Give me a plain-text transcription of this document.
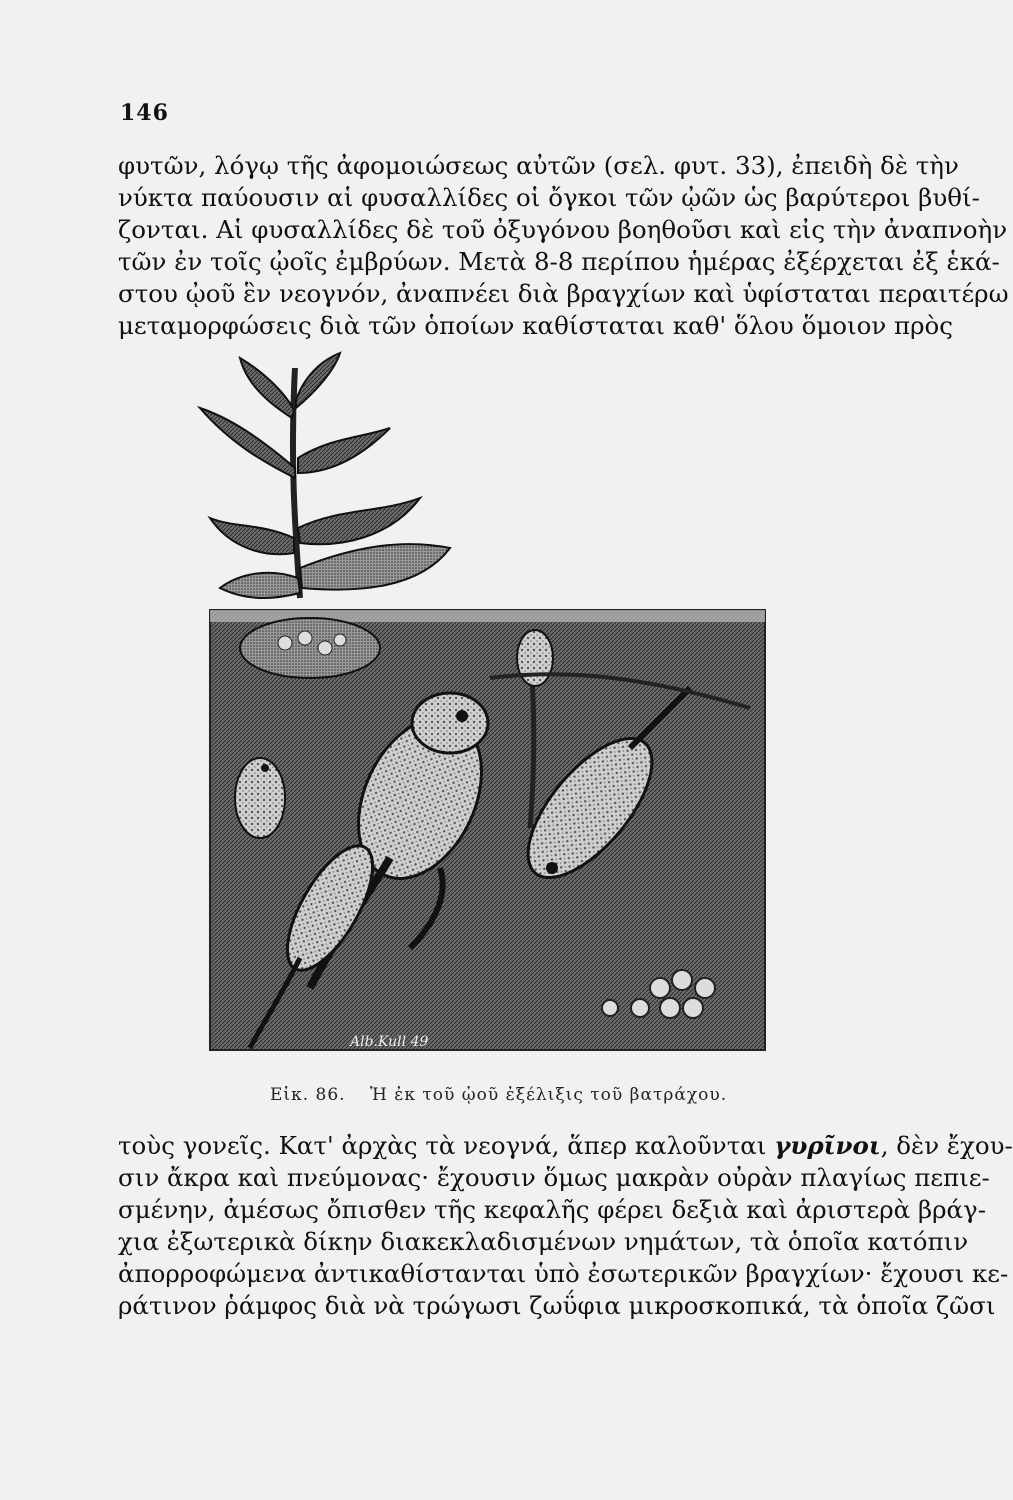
146
φυτῶν, λόγῳ τῆς ἀφομοιώσεως αὐτῶν (σελ. φυτ. 33), ἐπειδὴ δὲ τὴν
νύκτα παύουσιν αἱ φυσαλλίδες οἱ ὄγκοι τῶν ᾠῶν ὡς βαρύτεροι βυθί-
ζονται. Αἱ φυσαλλίδες δὲ τοῦ ὀξυγόνου βοηθοῦσι καὶ εἰς τὴν ἀναπνοὴν
τῶν ἐν τοῖς ᾠοῖς ἐμβρύων. Μετὰ 8-8 περίπου ἡμέρας ἐξέρχεται ἐξ ἑκά-
στου ᾠοῦ ἓν νεογνόν, ἀναπνέει διὰ βραγχίων καὶ ὑφίσταται περαιτέρω
μεταμορφώσεις διὰ τῶν ὁποίων καθίσταται καθ' ὅλου ὅμοιον πρὸς
Alb.Kull 49
Εἰκ. 86. Ἡ ἐκ τοῦ ᾠοῦ ἐξέλιξις τοῦ βατράχου.
τοὺς γονεῖς. Κατ' ἀρχὰς τὰ νεογνά, ἅπερ καλοῦνται γυρῖνοι, δὲν ἔχου-
σιν ἄκρα καὶ πνεύμονας· ἔχουσιν ὅμως μακρὰν οὐρὰν πλαγίως πεπιε-
σμένην, ἀμέσως ὄπισθεν τῆς κεφαλῆς φέρει δεξιὰ καὶ ἀριστερὰ βράγ-
χια ἐξωτερικὰ δίκην διακεκλαδισμένων νημάτων, τὰ ὁποῖα κατόπιν
ἀπορροφώμενα ἀντικαθίστανται ὑπὸ ἐσωτερικῶν βραγχίων· ἔχουσι κε-
ράτινον ῥάμφος διὰ νὰ τρώγωσι ζωΰφια μικροσκοπικά, τὰ ὁποῖα ζῶσι
